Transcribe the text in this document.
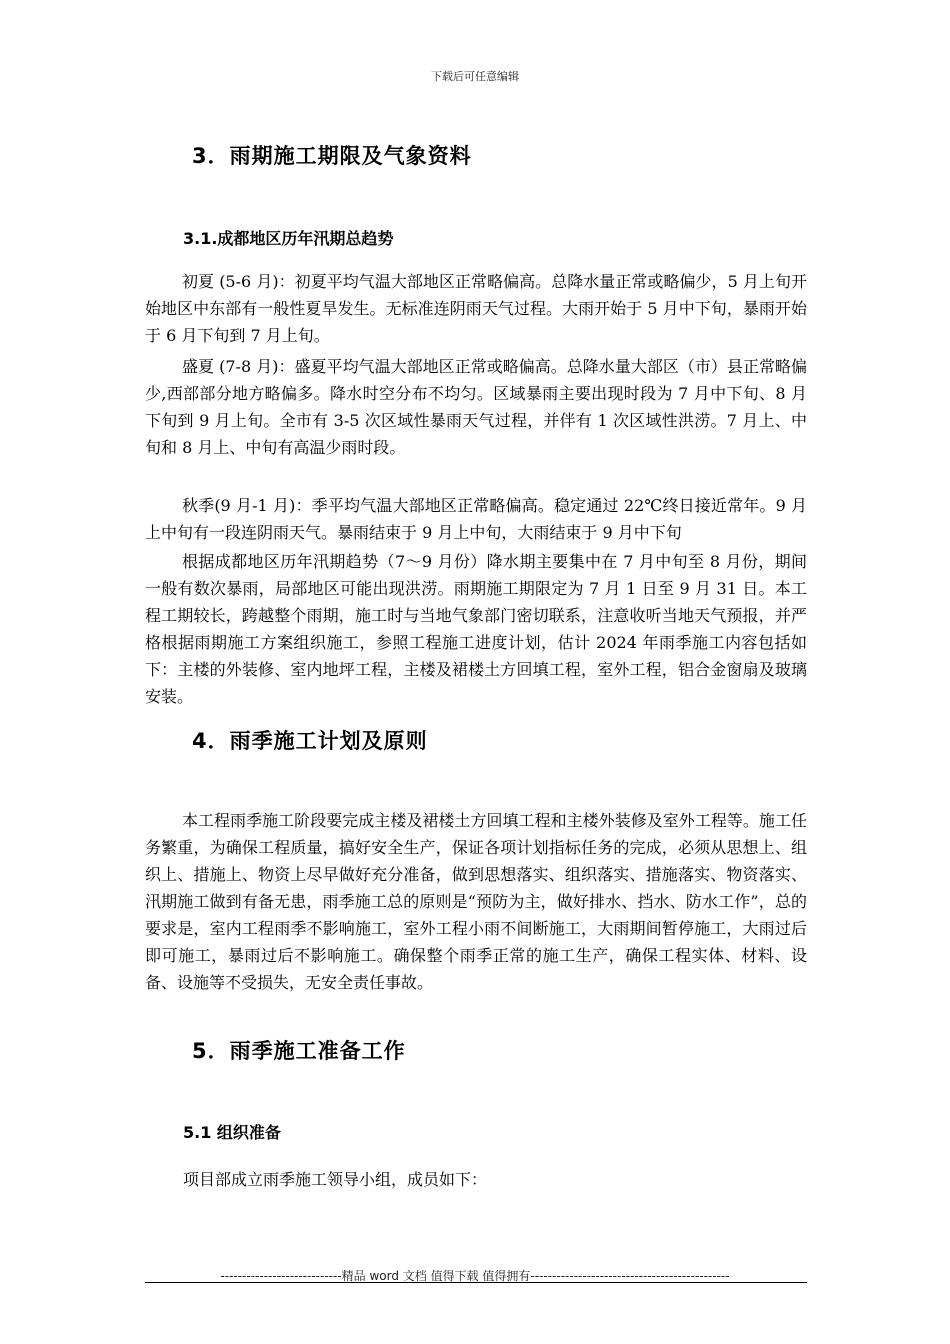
下载后可任意编辑
3．雨期施工期限及气象资料
3.1.成都地区历年汛期总趋势

初夏 (5-6 月)：初夏平均气温大部地区正常略偏高。总降水量正常或略偏少，5 月上旬开始地区中东部有一般性夏旱发生。无标准连阴雨天气过程。大雨开始于 5 月中下旬，暴雨开始于 6 月下旬到 7 月上旬。

盛夏 (7-8 月)：盛夏平均气温大部地区正常或略偏高。总降水量大部区（市）县正常略偏少,西部部分地方略偏多。降水时空分布不均匀。区域暴雨主要出现时段为 7 月中下旬、8 月下旬到 9 月上旬。全市有 3-5 次区域性暴雨天气过程，并伴有 1 次区域性洪涝。7 月上、中旬和 8 月上、中旬有高温少雨时段。

秋季(9 月-1 月)：季平均气温大部地区正常略偏高。稳定通过 22℃终日接近常年。9 月上中旬有一段连阴雨天气。暴雨结束于 9 月上中旬，大雨结束于 9 月中下旬

根据成都地区历年汛期趋势（7～9 月份）降水期主要集中在 7 月中旬至 8 月份，期间一般有数次暴雨，局部地区可能出现洪涝。雨期施工期限定为 7 月 1 日至 9 月 31 日。本工程工期较长，跨越整个雨期，施工时与当地气象部门密切联系，注意收听当地天气预报，并严格根据雨期施工方案组织施工，参照工程施工进度计划，估计 2024 年雨季施工内容包括如下：主楼的外装修、室内地坪工程，主楼及裙楼土方回填工程，室外工程，铝合金窗扇及玻璃安装。

4．雨季施工计划及原则

本工程雨季施工阶段要完成主楼及裙楼土方回填工程和主楼外装修及室外工程等。施工任务繁重，为确保工程质量，搞好安全生产，保证各项计划指标任务的完成，必须从思想上、组织上、措施上、物资上尽早做好充分准备，做到思想落实、组织落实、措施落实、物资落实、汛期施工做到有备无患，雨季施工总的原则是“预防为主，做好排水、挡水、防水工作”，总的要求是，室内工程雨季不影响施工，室外工程小雨不间断施工，大雨期间暂停施工，大雨过后即可施工，暴雨过后不影响施工。确保整个雨季正常的施工生产，确保工程实体、材料、设备、设施等不受损失，无安全责任事故。

5．雨季施工准备工作
5.1 组织准备

项目部成立雨季施工领导小组，成员如下：

----------------------------精品 word 文档 值得下载 值得拥有----------------------------------------------
